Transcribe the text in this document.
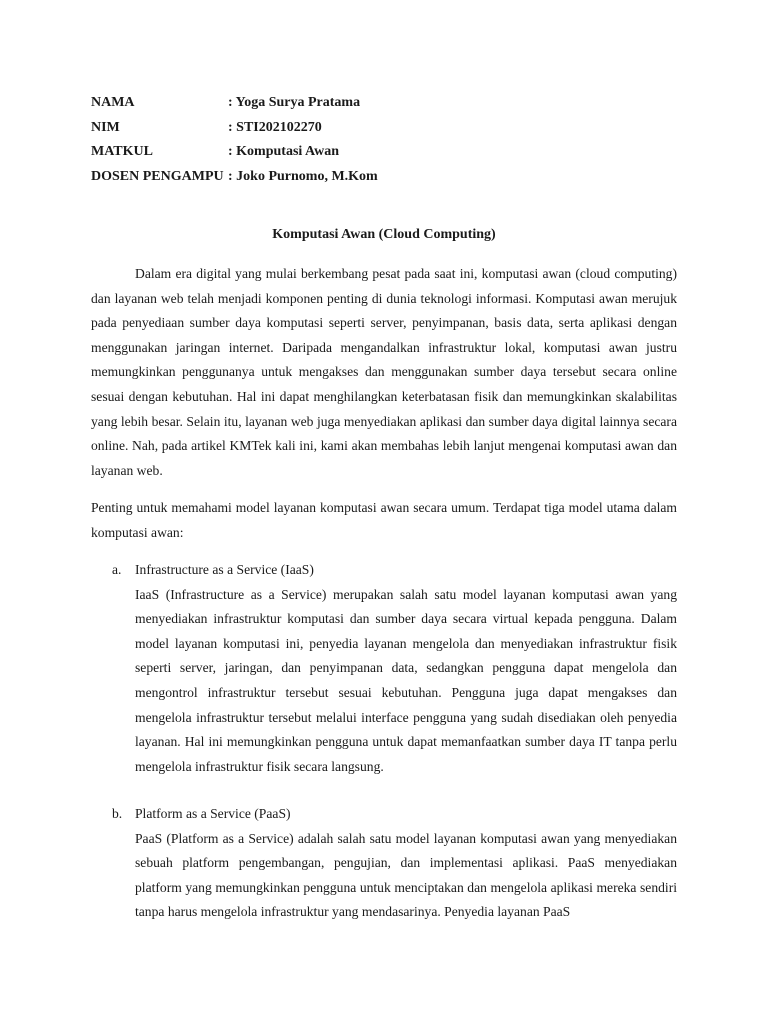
NAMA	: Yoga Surya Pratama
NIM	: STI202102270
MATKUL	: Komputasi Awan
DOSEN PENGAMPU : Joko Purnomo, M.Kom
Komputasi Awan (Cloud Computing)

Dalam era digital yang mulai berkembang pesat pada saat ini, komputasi awan (cloud computing) dan layanan web telah menjadi komponen penting di dunia teknologi informasi. Komputasi awan merujuk pada penyediaan sumber daya komputasi seperti server, penyimpanan, basis data, serta aplikasi dengan menggunakan jaringan internet. Daripada mengandalkan infrastruktur lokal, komputasi awan justru memungkinkan penggunanya untuk mengakses dan menggunakan sumber daya tersebut secara online sesuai dengan kebutuhan. Hal ini dapat menghilangkan keterbatasan fisik dan memungkinkan skalabilitas yang lebih besar. Selain itu, layanan web juga menyediakan aplikasi dan sumber daya digital lainnya secara online. Nah, pada artikel KMTek kali ini, kami akan membahas lebih lanjut mengenai komputasi awan dan layanan web.

Penting untuk memahami model layanan komputasi awan secara umum. Terdapat tiga model utama dalam komputasi awan:

a. Infrastructure as a Service (IaaS)
IaaS (Infrastructure as a Service) merupakan salah satu model layanan komputasi awan yang menyediakan infrastruktur komputasi dan sumber daya secara virtual kepada pengguna. Dalam model layanan komputasi ini, penyedia layanan mengelola dan menyediakan infrastruktur fisik seperti server, jaringan, dan penyimpanan data, sedangkan pengguna dapat mengelola dan mengontrol infrastruktur tersebut sesuai kebutuhan. Pengguna juga dapat mengakses dan mengelola infrastruktur tersebut melalui interface pengguna yang sudah disediakan oleh penyedia layanan. Hal ini memungkinkan pengguna untuk dapat memanfaatkan sumber daya IT tanpa perlu mengelola infrastruktur fisik secara langsung.
b. Platform as a Service (PaaS)
PaaS (Platform as a Service) adalah salah satu model layanan komputasi awan yang menyediakan sebuah platform pengembangan, pengujian, dan implementasi aplikasi. PaaS menyediakan platform yang memungkinkan pengguna untuk menciptakan dan mengelola aplikasi mereka sendiri tanpa harus mengelola infrastruktur yang mendasarinya. Penyedia layanan PaaS
